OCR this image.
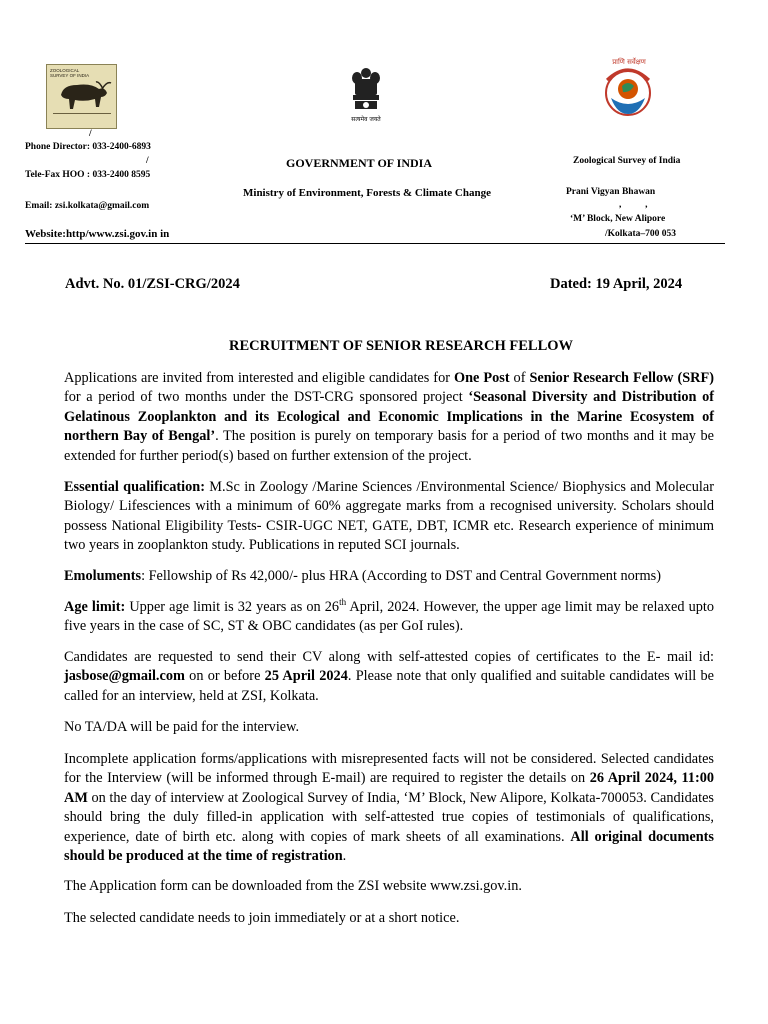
ZOOLOGICAL SURVEY OF INDIA
सत्यमेव जयते
प्राणि सर्वेक्षण
/
Phone Director: 033-2400-6893
/
Tele-Fax HOO : 033-2400 8595
Email: zsi.kolkata@gmail.com
Website:http/www.zsi.gov.in in
GOVERNMENT OF INDIA
Ministry of Environment, Forests & Climate Change
Zoological Survey of India
Prani Vigyan Bhawan
,          ,
‘M’ Block, New Alipore
/Kolkata–700 053
Advt. No. 01/ZSI-CRG/2024	Dated: 19 April, 2024
RECRUITMENT OF SENIOR RESEARCH FELLOW
Applications are invited from interested and eligible candidates for One Post of Senior Research Fellow (SRF) for a period of two months under the DST-CRG sponsored project ‘Seasonal Diversity and Distribution of Gelatinous Zooplankton and its Ecological and Economic Implications in the Marine Ecosystem of northern Bay of Bengal’. The position is purely on temporary basis for a period of two months and it may be extended for further period(s) based on further extension of the project.
Essential qualification: M.Sc in Zoology /Marine Sciences /Environmental Science/ Biophysics and Molecular Biology/ Lifesciences with a minimum of 60% aggregate marks from a recognised university. Scholars should possess National Eligibility Tests- CSIR-UGC NET, GATE, DBT, ICMR etc. Research experience of minimum two years in zooplankton study. Publications in reputed SCI journals.
Emoluments: Fellowship of Rs 42,000/- plus HRA (According to DST and Central Government norms)
Age limit: Upper age limit is 32 years as on 26th April, 2024. However, the upper age limit may be relaxed upto five years in the case of SC, ST & OBC candidates (as per GoI rules).
Candidates are requested to send their CV along with self-attested copies of certificates to the E- mail id: jasbose@gmail.com on or before 25 April 2024. Please note that only qualified and suitable candidates will be called for an interview, held at ZSI, Kolkata.
No TA/DA will be paid for the interview.
Incomplete application forms/applications with misrepresented facts will not be considered. Selected candidates for the Interview (will be informed through E-mail) are required to register the details on 26 April 2024, 11:00 AM on the day of interview at Zoological Survey of India, ‘M’ Block, New Alipore, Kolkata-700053. Candidates should bring the duly filled-in application with self-attested true copies of testimonials of qualifications, experience, date of birth etc. along with copies of mark sheets of all examinations. All original documents should be produced at the time of registration.
The Application form can be downloaded from the ZSI website www.zsi.gov.in.
The selected candidate needs to join immediately or at a short notice.
